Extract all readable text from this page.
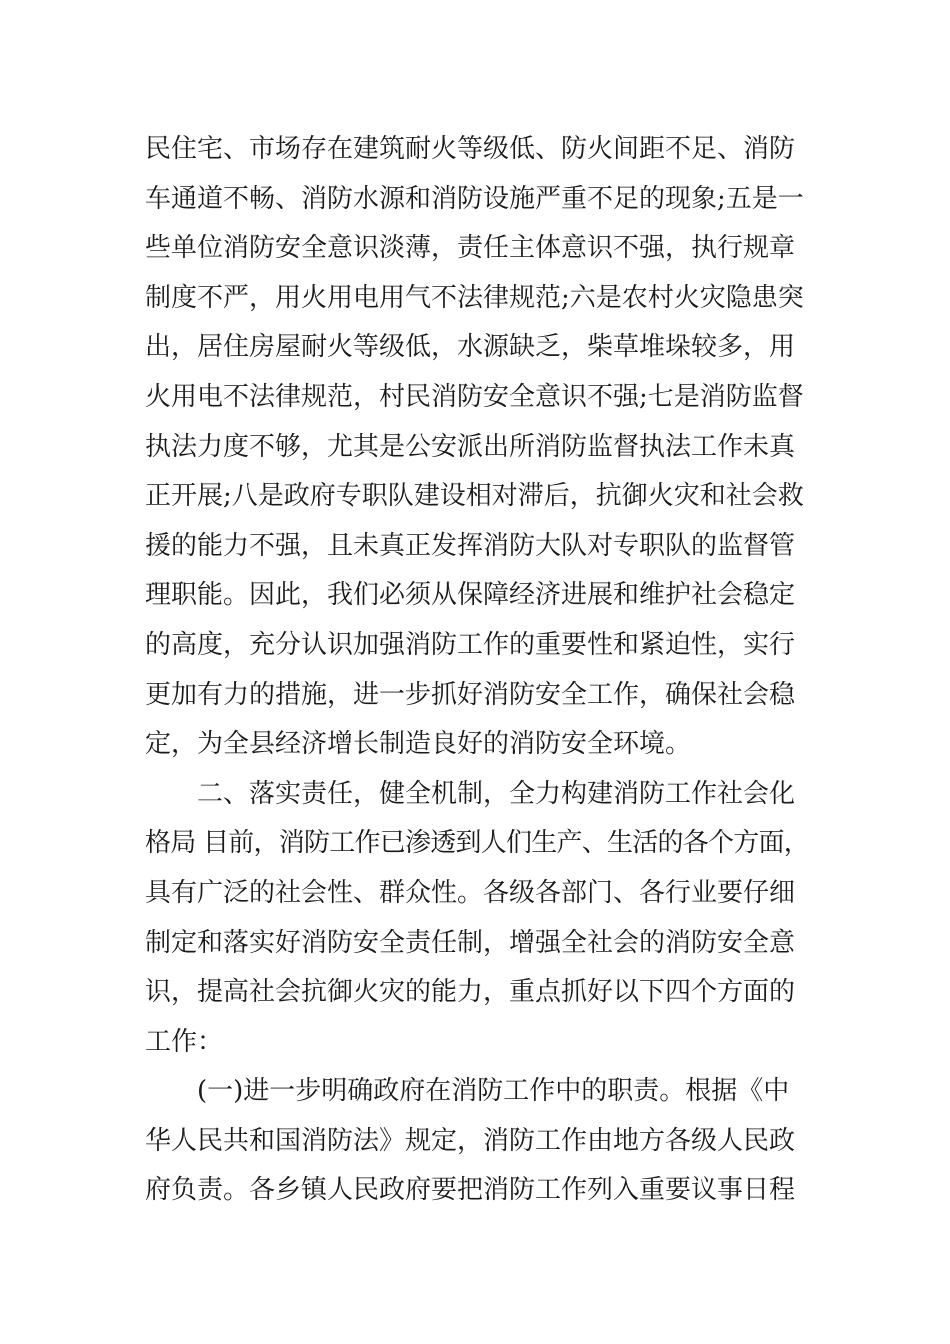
民住宅、市场存在建筑耐火等级低、防火间距不足、消防
车通道不畅、消防水源和消防设施严重不足的现象;五是一
些单位消防安全意识淡薄，责任主体意识不强，执行规章
制度不严，用火用电用气不法律规范;六是农村火灾隐患突
出，居住房屋耐火等级低，水源缺乏，柴草堆垛较多，用
火用电不法律规范，村民消防安全意识不强;七是消防监督
执法力度不够，尤其是公安派出所消防监督执法工作未真
正开展;八是政府专职队建设相对滞后，抗御火灾和社会救
援的能力不强，且未真正发挥消防大队对专职队的监督管
理职能。因此，我们必须从保障经济进展和维护社会稳定
的高度，充分认识加强消防工作的重要性和紧迫性，实行
更加有力的措施，进一步抓好消防安全工作，确保社会稳
定，为全县经济增长制造良好的消防安全环境。
二、落实责任，健全机制，全力构建消防工作社会化
格局 目前，消防工作已渗透到人们生产、生活的各个方面，
具有广泛的社会性、群众性。各级各部门、各行业要仔细
制定和落实好消防安全责任制，增强全社会的消防安全意
识，提高社会抗御火灾的能力，重点抓好以下四个方面的
工作：
(一)进一步明确政府在消防工作中的职责。根据《中
华人民共和国消防法》规定，消防工作由地方各级人民政
府负责。各乡镇人民政府要把消防工作列入重要议事日程
